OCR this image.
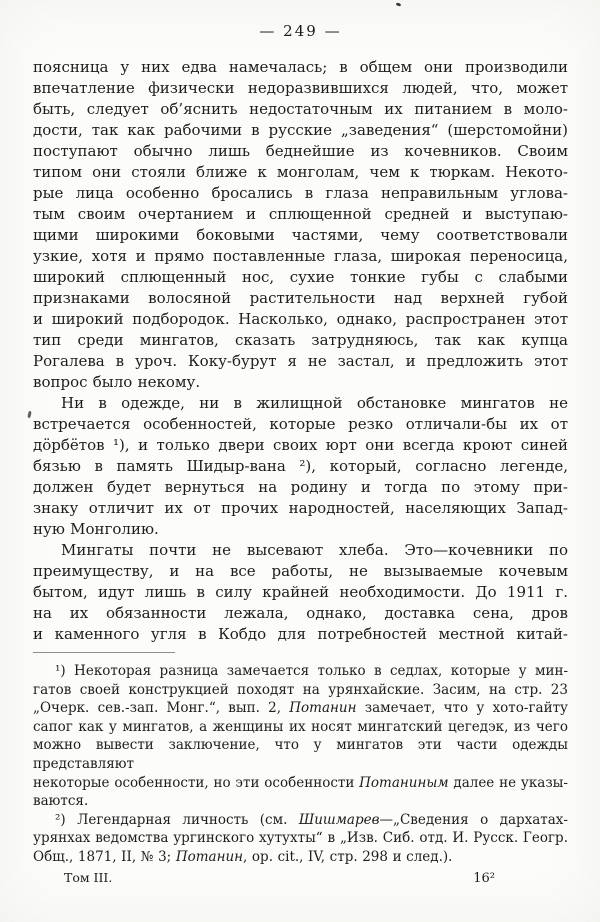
— 249 —
поясница у них едва намечалась; в общем они производили
впечатление физически недоразвившихся людей, что, может
быть, следует об’яснить недостаточным их питанием в моло-
дости, так как рабочими в русские „заведения“ (шерстомойни)
поступают обычно лишь беднейшие из кочевников. Своим
типом они стояли ближе к монголам, чем к тюркам. Некото-
рые лица особенно бросались в глаза неправильным углова-
тым своим очертанием и сплющенной средней и выступаю-
щими широкими боковыми частями, чему соответствовали
узкие, хотя и прямо поставленные глаза, широкая переносица,
широкий сплющенный нос, сухие тонкие губы с слабыми
признаками волосяной растительности над верхней губой
и широкий подбородок. Насколько, однако, распространен этот
тип среди мингатов, сказать затрудняюсь, так как купца
Рогалева в уроч. Коку-бурут я не застал, и предложить этот
вопрос было некому.
Ни в одежде, ни в жилищной обстановке мингатов не
встречается особенностей, которые резко отличали-бы их от
дӧрбётов ¹), и только двери своих юрт они всегда кроют синей
бязью в память Шидыр-вана ²), который, согласно легенде,
должен будет вернуться на родину и тогда по этому при-
знаку отличит их от прочих народностей, населяющих Запад-
ную Монголию.
Мингаты почти не высевают хлеба. Это—кочевники по
преимуществу, и на все работы, не вызываемые кочевым
бытом, идут лишь в силу крайней необходимости. До 1911 г.
на их обязанности лежала, однако, доставка сена, дров
и каменного угля в Кобдо для потребностей местной китай-
¹) Некоторая разница замечается только в седлах, которые у мин-
гатов своей конструкцией походят на урянхайские. Засим, на стр. 23
„Очерк. сев.-зап. Монг.“, вып. 2, Потанин замечает, что у хото-гайту
сапог как у мингатов, а женщины их носят мингатский цегедэк, из чего
можно вывести заключение, что у мингатов эти части одежды представляют
некоторые особенности, но эти особенности Потаниным далее не указы-
ваются.
²) Легендарная личность (см. Шишмарев—„Сведения о дархатах-
урянхах ведомства ургинского хутухты“ в „Изв. Сиб. отд. И. Русск. Геогр.
Общ., 1871, II, № 3; Потанин, op. cit., IV, стр. 298 и след.).
Том III.	16²
